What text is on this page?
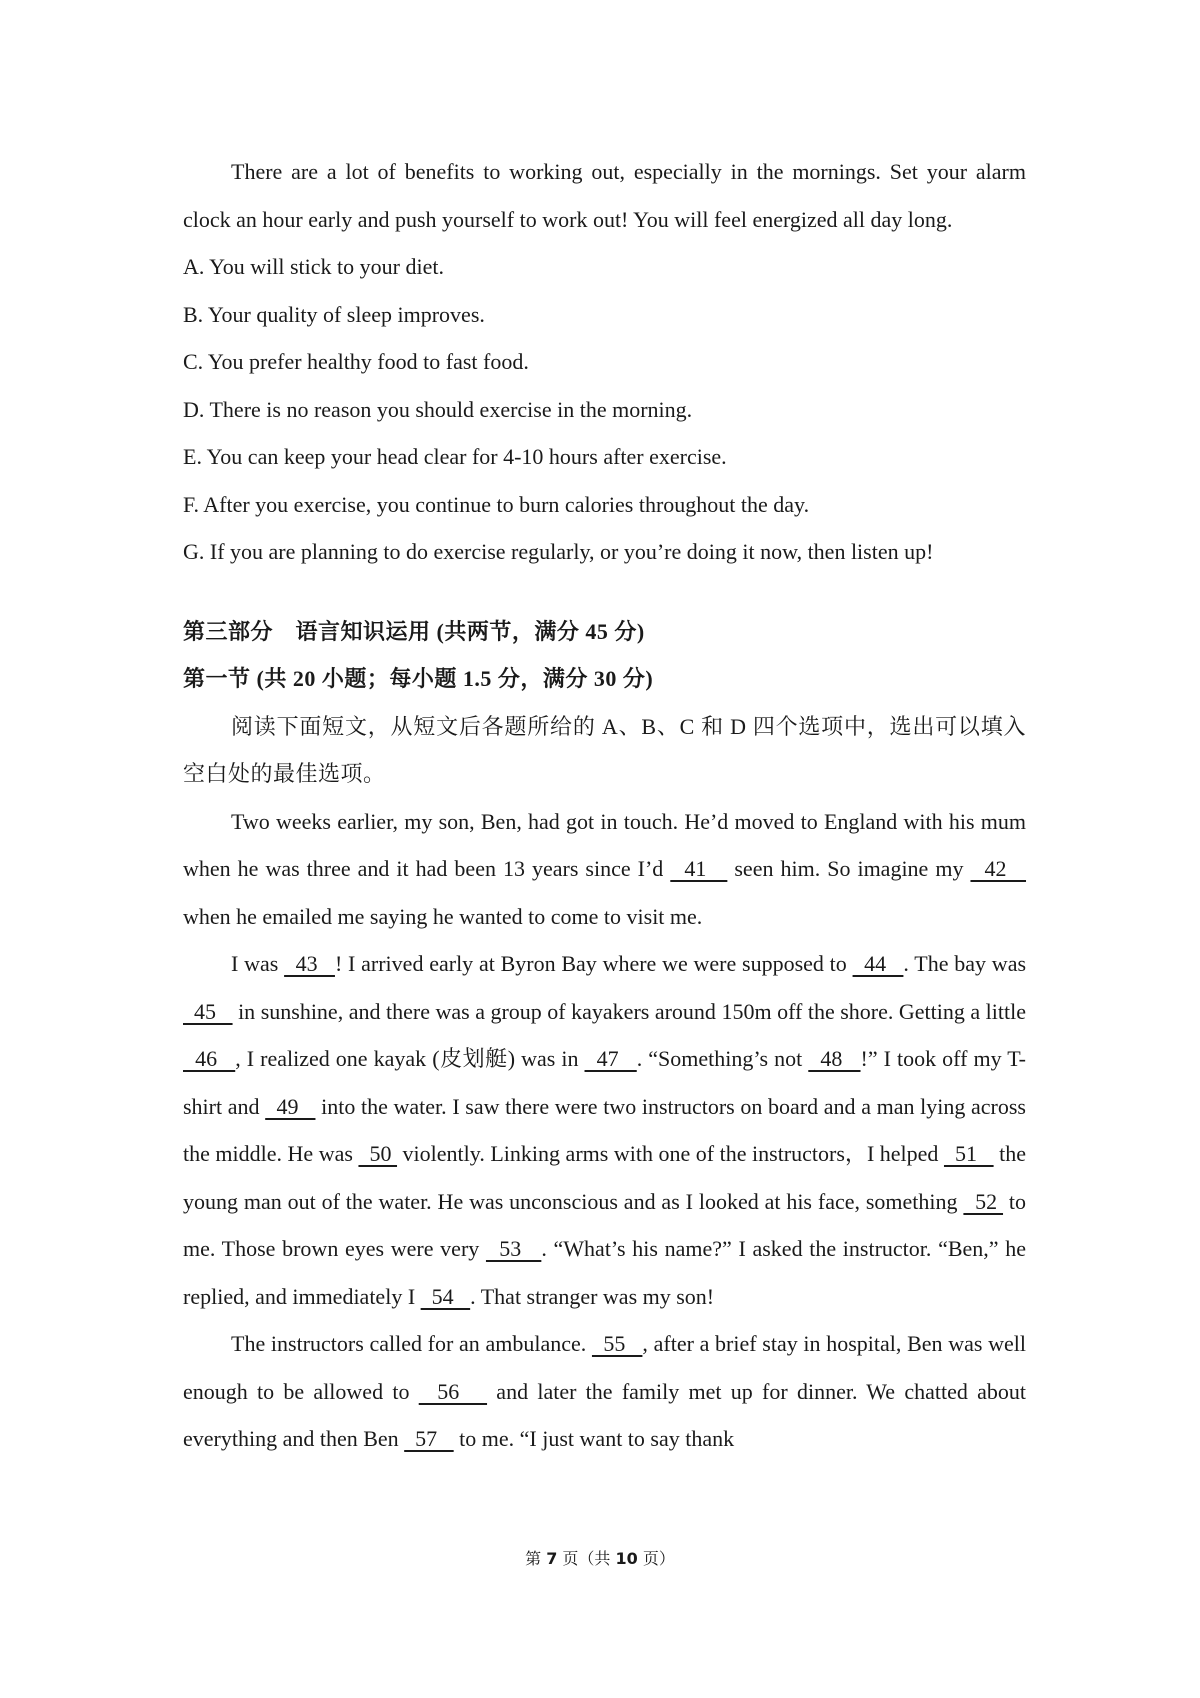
There are a lot of benefits to working out, especially in the mornings. Set your alarm clock an hour early and push yourself to work out! You will feel energized all day long.

A. You will stick to your diet.

B. Your quality of sleep improves.

C. You prefer healthy food to fast food.

D. There is no reason you should exercise in the morning.

E. You can keep your head clear for 4-10 hours after exercise.

F. After you exercise, you continue to burn calories throughout the day.

G. If you are planning to do exercise regularly, or you’re doing it now, then listen up!

第三部分　语言知识运用 (共两节，满分 45 分)

第一节 (共 20 小题；每小题 1.5 分，满分 30 分)

阅读下面短文，从短文后各题所给的 A、B、C 和 D 四个选项中，选出可以填入空白处的最佳选项。

Two weeks earlier, my son, Ben, had got in touch. He’d moved to England with his mum when he was three and it had been 13 years since I’d   41    seen him. So imagine my   42    when he emailed me saying he wanted to come to visit me.

I was   43   ! I arrived early at Byron Bay where we were supposed to   44   . The bay was   45    in sunshine, and there was a group of kayakers around 150m off the shore. Getting a little   46   , I realized one kayak (皮划艇) was in   47   . “Something’s not   48   !” I took off my T-shirt and   49    into the water. I saw there were two instructors on board and a man lying across the middle. He was   50  violently. Linking arms with one of the instructors，I helped   51    the young man out of the water. He was unconscious and as I looked at his face, something   52  to me. Those brown eyes were very   53   . “What’s his name?” I asked the instructor. “Ben,” he replied, and immediately I   54   . That stranger was my son!

The instructors called for an ambulance.   55   , after a brief stay in hospital, Ben was well enough to be allowed to   56    and later the family met up for dinner. We chatted about everything and then Ben   57    to me. “I just want to say thank

第 7 页（共 10 页）
